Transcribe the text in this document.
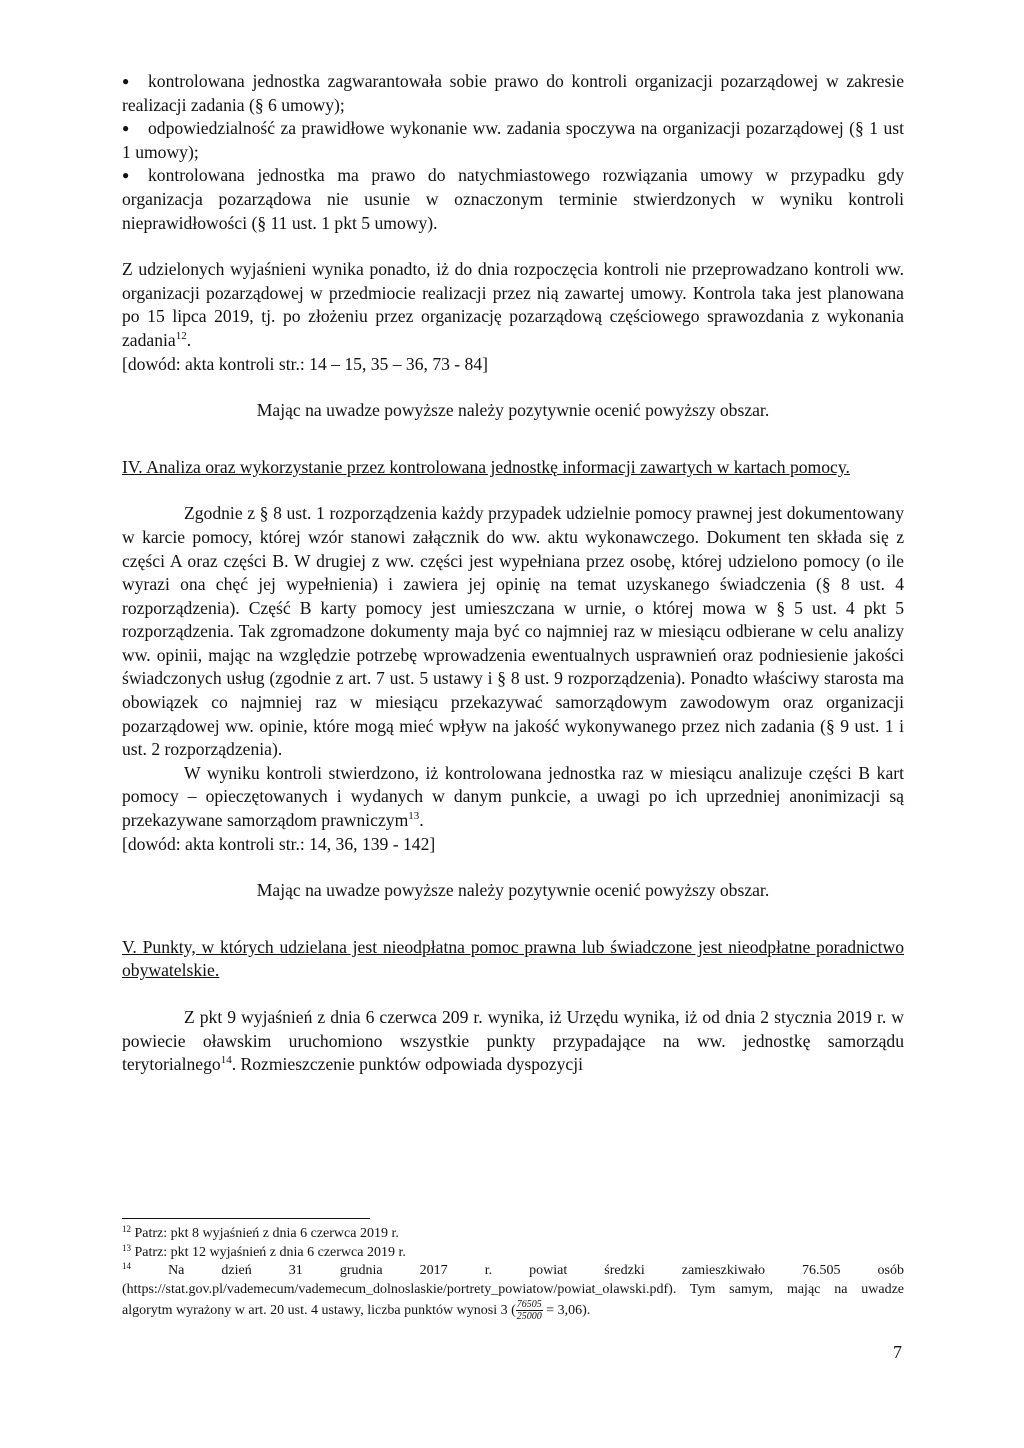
● kontrolowana jednostka zagwarantowała sobie prawo do kontroli organizacji pozarządowej w zakresie realizacji zadania (§ 6 umowy);
● odpowiedzialność za prawidłowe wykonanie ww. zadania spoczywa na organizacji pozarządowej (§ 1 ust 1 umowy);
● kontrolowana jednostka ma prawo do natychmiastowego rozwiązania umowy w przypadku gdy organizacja pozarządowa nie usunie w oznaczonym terminie stwierdzonych w wyniku kontroli nieprawidłowości (§ 11 ust. 1 pkt 5 umowy).

Z udzielonych wyjaśnieni wynika ponadto, iż do dnia rozpoczęcia kontroli nie przeprowadzano kontroli ww. organizacji pozarządowej w przedmiocie realizacji przez nią zawartej umowy. Kontrola taka jest planowana po 15 lipca 2019, tj. po złożeniu przez organizację pozarządową częściowego sprawozdania z wykonania zadania$^{12}$.

[dowód: akta kontroli str.: 14 – 15, 35 – 36, 73 - 84]

Mając na uwadze powyższe należy pozytywnie ocenić powyższy obszar.

IV. Analiza oraz wykorzystanie przez kontrolowana jednostkę informacji zawartych w kartach pomocy.

Zgodnie z § 8 ust. 1 rozporządzenia każdy przypadek udzielnie pomocy prawnej jest dokumentowany w karcie pomocy, której wzór stanowi załącznik do ww. aktu wykonawczego. Dokument ten składa się z części A oraz części B. W drugiej z ww. części jest wypełniana przez osobę, której udzielono pomocy (o ile wyrazi ona chęć jej wypełnienia) i zawiera jej opinię na temat uzyskanego świadczenia (§ 8 ust. 4 rozporządzenia). Część B karty pomocy jest umieszczana w urnie, o której mowa w § 5 ust. 4 pkt 5 rozporządzenia. Tak zgromadzone dokumenty maja być co najmniej raz w miesiącu odbierane w celu analizy ww. opinii, mając na względzie potrzebę wprowadzenia ewentualnych usprawnień oraz podniesienie jakości świadczonych usług (zgodnie z art. 7 ust. 5 ustawy i § 8 ust. 9 rozporządzenia). Ponadto właściwy starosta ma obowiązek co najmniej raz w miesiącu przekazywać samorządowym zawodowym oraz organizacji pozarządowej ww. opinie, które mogą mieć wpływ na jakość wykonywanego przez nich zadania (§ 9 ust. 1 i ust. 2 rozporządzenia).

W wyniku kontroli stwierdzono, iż kontrolowana jednostka raz w miesiącu analizuje części B kart pomocy – opieczętowanych i wydanych w danym punkcie, a uwagi po ich uprzedniej anonimizacji są przekazywane samorządom prawniczym$^{13}$.

[dowód: akta kontroli str.: 14, 36, 139 - 142]

Mając na uwadze powyższe należy pozytywnie ocenić powyższy obszar.

V. Punkty, w których udzielana jest nieodpłatna pomoc prawna lub świadczone jest nieodpłatne poradnictwo obywatelskie.

Z pkt 9 wyjaśnień z dnia 6 czerwca 209 r. wynika, iż Urzędu wynika, iż od dnia 2 stycznia 2019 r. w powiecie oławskim uruchomiono wszystkie punkty przypadające na ww. jednostkę samorządu terytorialnego$^{14}$. Rozmieszczenie punktów odpowiada dyspozycji

$^{12}$ Patrz: pkt 8 wyjaśnień z dnia 6 czerwca 2019 r.

$^{13}$ Patrz: pkt 12 wyjaśnień z dnia 6 czerwca 2019 r.

$^{14}$	Na dzień 31 grudnia 2017 r. powiat średzki zamieszkiwało 76.505 osób (https://stat.gov.pl/vademecum/vademecum_dolnoslaskie/portrety_powiatow/powiat_olawski.pdf). Tym samym, mając na uwadze algorytm wyrażony w art. 20 ust. 4 ustawy, liczba punktów wynosi 3 ( $\frac{76505}{25000} = 3,06$).

7
